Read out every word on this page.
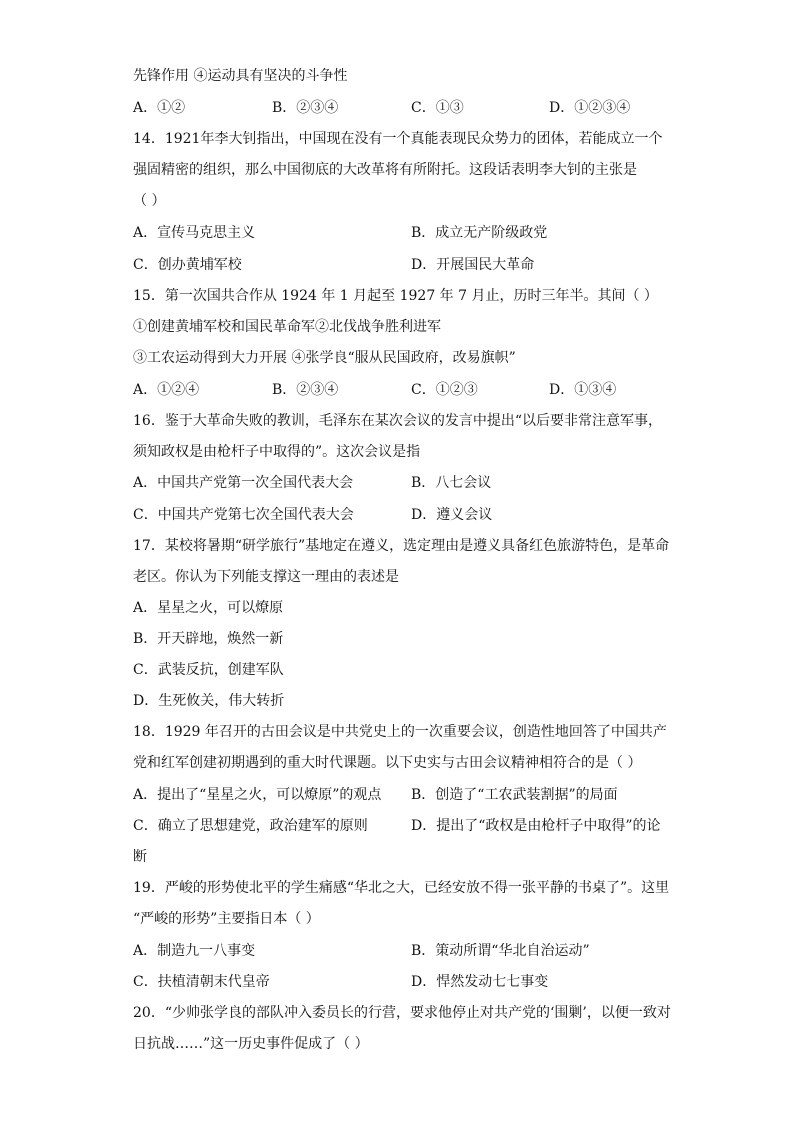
先锋作用 ④运动具有坚决的斗争性
A．①②	B．②③④	C．①③	D．①②③④
14．1921年李大钊指出，中国现在没有一个真能表现民众势力的团体，若能成立一个
强固精密的组织，那么中国彻底的大改革将有所附托。这段话表明李大钊的主张是
（ ）
A．宣传马克思主义	B．成立无产阶级政党
C．创办黄埔军校	D．开展国民大革命
15．第一次国共合作从 1924 年 1 月起至 1927 年 7 月止，历时三年半。其间（ ）
①创建黄埔军校和国民革命军②北伐战争胜利进军
③工农运动得到大力开展 ④张学良“服从民国政府，改易旗帜”
A．①②④	B．②③④	C．①②③	D．①③④
16．鉴于大革命失败的教训，毛泽东在某次会议的发言中提出“以后要非常注意军事，
须知政权是由枪杆子中取得的”。这次会议是指
A．中国共产党第一次全国代表大会	B．八七会议
C．中国共产党第七次全国代表大会	D．遵义会议
17．某校将暑期“研学旅行”基地定在遵义，选定理由是遵义具备红色旅游特色，是革命
老区。你认为下列能支撑这一理由的表述是
A．星星之火，可以燎原
B．开天辟地，焕然一新
C．武装反抗，创建军队
D．生死攸关，伟大转折
18．1929 年召开的古田会议是中共党史上的一次重要会议，创造性地回答了中国共产
党和红军创建初期遇到的重大时代课题。以下史实与古田会议精神相符合的是（ ）
A．提出了“星星之火，可以燎原”的观点 B．创造了“工农武装割据”的局面
C．确立了思想建党，政治建军的原则	D．提出了“政权是由枪杆子中取得”的论
断
19．严峻的形势使北平的学生痛感“华北之大，已经安放不得一张平静的书桌了”。这里
“严峻的形势”主要指日本（ ）
A．制造九一八事变	B．策动所谓“华北自治运动”
C．扶植清朝末代皇帝	D．悍然发动七七事变
20．“少帅张学良的部队冲入委员长的行营，要求他停止对共产党的‘围剿’，以便一致对
日抗战……”这一历史事件促成了（ ）
